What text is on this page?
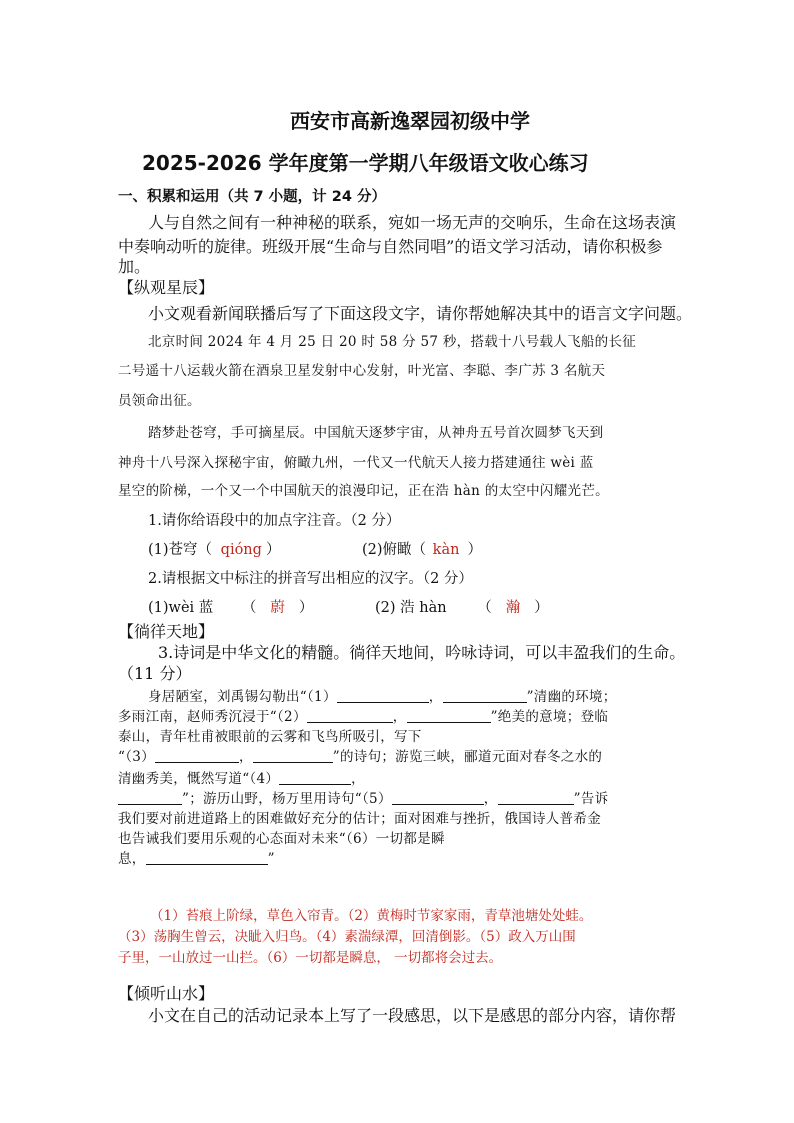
西安市高新逸翠园初级中学
2025-2026 学年度第一学期八年级语文收心练习
一、积累和运用（共 7 小题，计 24 分）
人与自然之间有一种神秘的联系，宛如一场无声的交响乐，生命在这场表演
中奏响动听的旋律。班级开展“生命与自然同唱”的语文学习活动，请你积极参
加。
【纵观星辰】
小文观看新闻联播后写了下面这段文字，请你帮她解决其中的语言文字问题。
北京时间 2024 年 4 月 25 日 20 时 58 分 57 秒，搭载十八号载人飞船的长征
二号遥十八运载火箭在酒泉卫星发射中心发射，叶光富、李聪、李广苏 3 名航天
员领命出征。
踏梦赴苍穹，手可摘星辰。中国航天逐梦宇宙，从神舟五号首次圆梦飞天到
神舟十八号深入探秘宇宙，俯瞰九州，一代又一代航天人接力搭建通往 wèi 蓝
星空的阶梯，一个又一个中国航天的浪漫印记，正在浩 hàn 的太空中闪耀光芒。
1.请你给语段中的加点字注音。（2 分）
(1)苍穹（ qióng ）	(2)俯瞰（ kàn ）
2.请根据文中标注的拼音写出相应的汉字。（2 分）
(1)wèi 蓝 （ 蔚 ）	(2) 浩 hàn （ 瀚 ）
【徜徉天地】
3.诗词是中华文化的精髓。徜徉天地间，吟咏诗词，可以丰盈我们的生命。
（11 分）
身居陋室，刘禹锡勾勒出“（1）	，	”清幽的环境；
多雨江南，赵师秀沉浸于“（2）	，	”绝美的意境；登临
泰山，青年杜甫被眼前的云雾和飞鸟所吸引，写下
“（3）	，	”的诗句；游览三峡，郦道元面对春冬之水的
清幽秀美，慨然写道“（4）	，
”；游历山野，杨万里用诗句“（5）	，	”告诉
我们要对前进道路上的困难做好充分的估计；面对困难与挫折，俄国诗人普希金
也告诫我们要用乐观的心态面对未来“（6）一切都是瞬
息，	”
（1）苔痕上阶绿，草色入帘青。（2）黄梅时节家家雨，青草池塘处处蛙。
（3）荡胸生曾云，决眦入归鸟。（4）素湍绿潭，回清倒影。（5）政入万山围
子里，一山放过一山拦。（6）一切都是瞬息， 一切都将会过去。
【倾听山水】
小文在自己的活动记录本上写了一段感思，以下是感思的部分内容，请你帮
